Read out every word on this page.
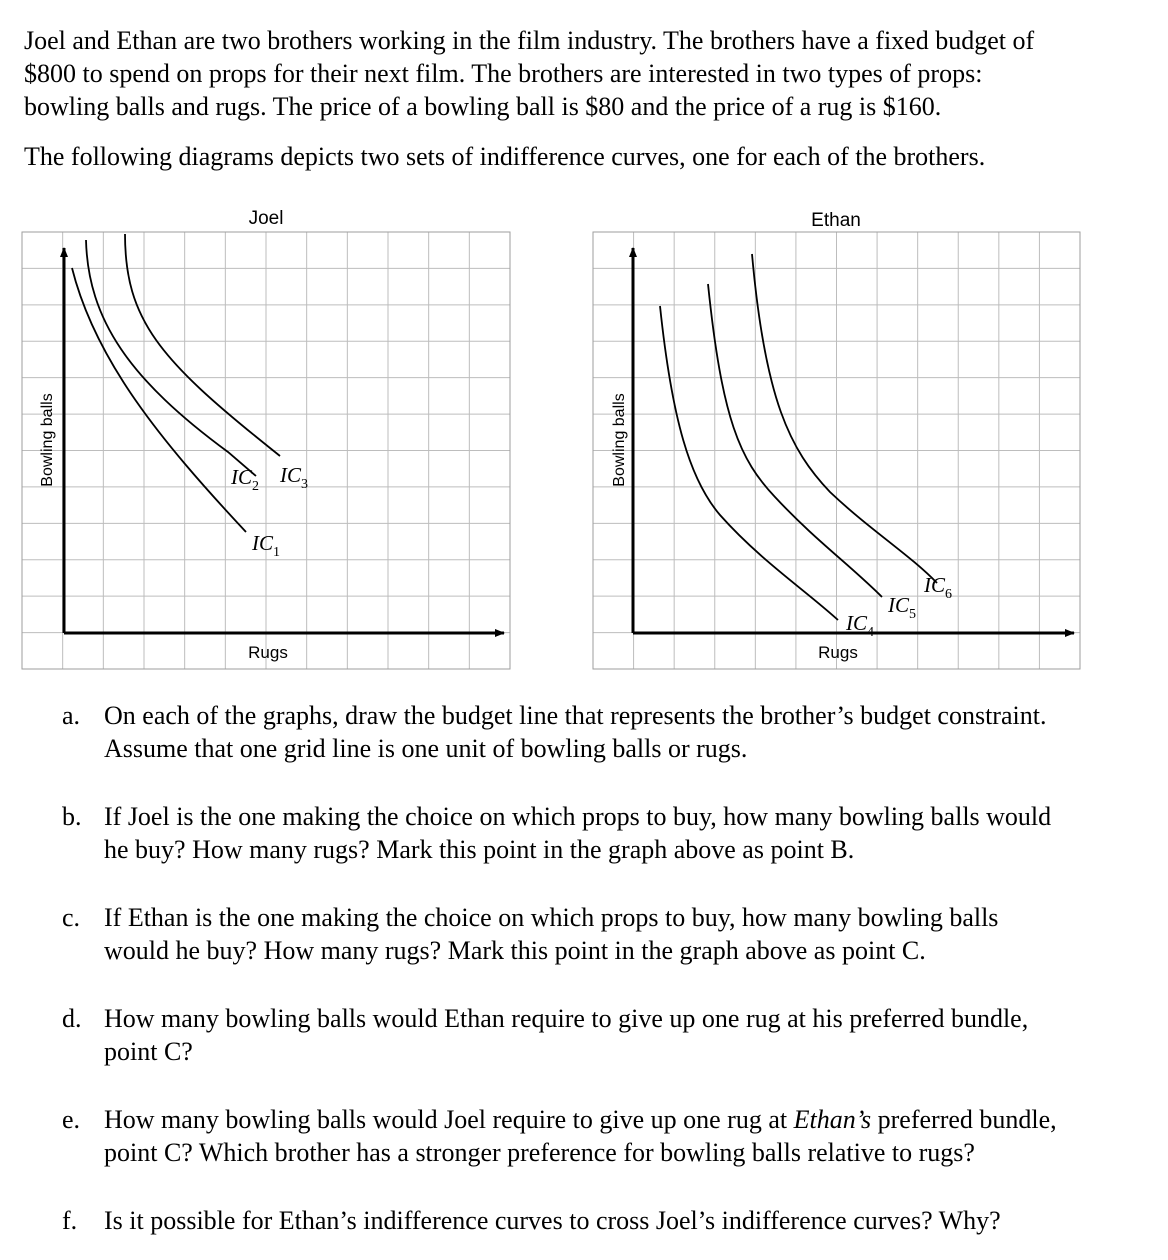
Joel and Ethan are two brothers working in the film industry. The brothers have a fixed budget of
$800 to spend on props for their next film. The brothers are interested in two types of props:
bowling balls and rugs. The price of a bowling ball is $80 and the price of a rug is $160.

The following diagrams depicts two sets of indifference curves, one for each of the brothers.

Joel
Bowling balls
Rugs
$IC_1$
$IC_2$ $IC_3$
Ethan
Bowling balls
Rugs
$IC_4$
$IC_5$
$IC_6$
a. On each of the graphs, draw the budget line that represents the brother’s budget constraint.
Assume that one grid line is one unit of bowling balls or rugs.
b. If Joel is the one making the choice on which props to buy, how many bowling balls would
he buy? How many rugs? Mark this point in the graph above as point B.
c. If Ethan is the one making the choice on which props to buy, how many bowling balls
would he buy? How many rugs? Mark this point in the graph above as point C.
d. How many bowling balls would Ethan require to give up one rug at his preferred bundle,
point C?
e. How many bowling balls would Joel require to give up one rug at Ethan’s preferred bundle,
point C? Which brother has a stronger preference for bowling balls relative to rugs?
f.	Is it possible for Ethan’s indifference curves to cross Joel’s indifference curves? Why?
